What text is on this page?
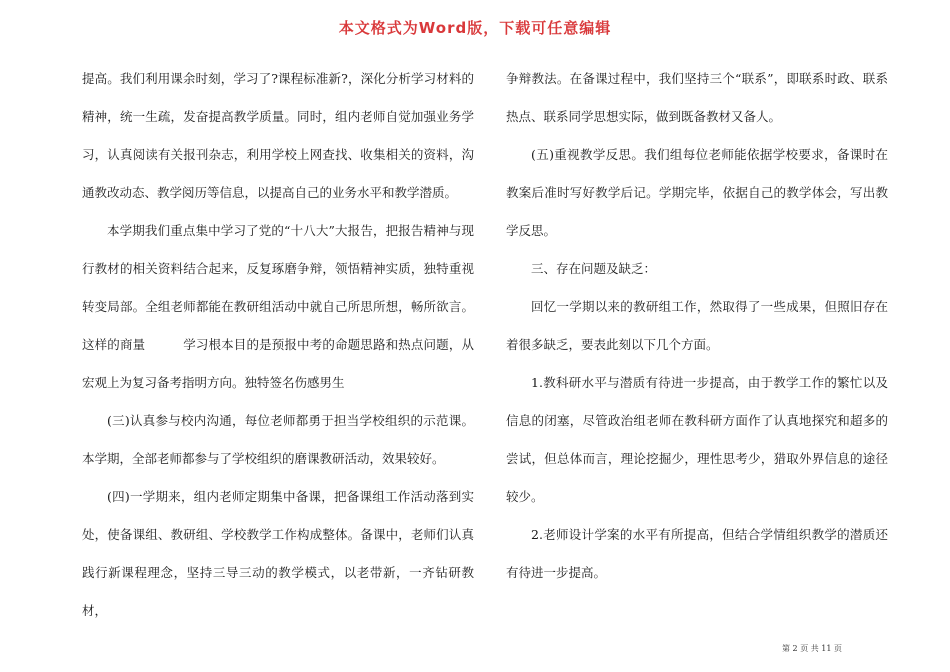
本文格式为Word版，下载可任意编辑

提高。我们利用课余时刻，学习了?课程标准新?，深化分析学习材料的精神，统一生疏，发奋提高教学质量。同时，组内老师自觉加强业务学习，认真阅读有关报刊杂志，利用学校上网查找、收集相关的资料，沟通教改动态、教学阅历等信息，以提高自己的业务水平和教学潜质。

本学期我们重点集中学习了党的“十八大”大报告，把报告精神与现行教材的相关资料结合起来，反复琢磨争辩，领悟精神实质，独特重视转变局部。全组老师都能在教研组活动中就自己所思所想，畅所欲言。这样的商量　　　学习根本目的是预报中考的命题思路和热点问题，从宏观上为复习备考指明方向。独特签名伤感男生

(三)认真参与校内沟通，每位老师都勇于担当学校组织的示范课。本学期，全部老师都参与了学校组织的磨课教研活动，效果较好。

(四)一学期来，组内老师定期集中备课，把备课组工作活动落到实处，使备课组、教研组、学校教学工作构成整体。备课中，老师们认真践行新课程理念，坚持三导三动的教学模式，以老带新，一齐钻研教材，

争辩教法。在备课过程中，我们坚持三个“联系”，即联系时政、联系热点、联系同学思想实际，做到既备教材又备人。

(五)重视教学反思。我们组每位老师能依据学校要求，备课时在教案后准时写好教学后记。学期完毕，依据自己的教学体会，写出教学反思。

三、存在问题及缺乏：

回忆一学期以来的教研组工作，然取得了一些成果，但照旧存在着很多缺乏，要表此刻以下几个方面。

1.教科研水平与潜质有待进一步提高，由于教学工作的繁忙以及信息的闭塞，尽管政治组老师在教科研方面作了认真地探究和超多的尝试，但总体而言，理论挖掘少，理性思考少，猎取外界信息的途径较少。

2.老师设计学案的水平有所提高，但结合学情组织教学的潜质还有待进一步提高。

第 2 页 共 11 页
